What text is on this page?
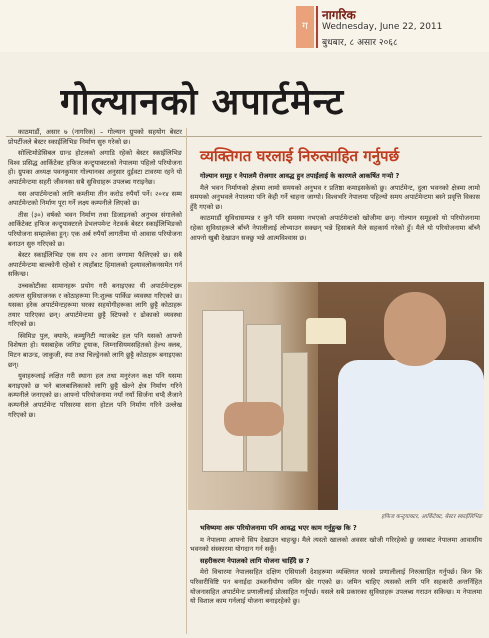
ग
नागरिक
Wednesday, June 22, 2011
बुधबार, ८ असार २०६८
गोल्यानको अपार्टमेन्ट

काठमाडौं, असार ७ (नागरिक) – गोल्यान ग्रुपको सहयोग बेस्टर प्रोपर्टीजले बेस्टर स्काईलिभिङ निर्माण सुरु गरेको छ।

सोल्टिमोडेसिबल ग्रान्ड होटलको अगाडि रहेको बेस्टर स्काईलिभिङ विश्व प्रसिद्ध आर्किटेक्ट हफिज कन्ट्र्याक्टरको नेपालमा पहिलो परियोजना हो। ग्रुपका अध्यक्ष पवनकुमार गोल्यानका अनुसार दुईवटा टावरमा रहने यो अपार्टमेन्टमा सहरी जीवनका सबै सुविधाहरू उपलब्ध गराइनेछ।

यस अपार्टमेन्टको लागि कम्तीमा तीन करोड रुपैयाँ पर्ने। २०१४ सम्म अपार्टमेन्टको निर्माण पूरा गर्ने लक्ष्य कम्पनीले लिएको छ।

तीस (३०) वर्षको भवन निर्माण तथा डिजाइनको अनुभव संगालेको आर्किटेक्ट हफिज कन्ट्र्याक्टरले डेभलपमेन्ट नेटवर्क बेस्टर स्काईलिभिङको परियोजना सम्हालेका हुन्। एक अर्ब रुपैयाँ लागतीमा यो आवास परियोजना बनाउन सुरु गरिएको छ।

बेस्टर स्काईलिभिङ एक सय २२ आना जग्गामा फैलिएको छ। सबै अपार्टमेन्टमा बाल्कोनी रहेको र त्यहाँबाट हिमालको दृश्यावलोकनसमेत गर्न सकिन्छ।

उच्चकोटीका सामानहरू प्रयोग गरी बनाइएका यी अपार्टमेन्टहरू अत्यन्त सुविधाजनक र कोठाहरूमा नि:शुल्क पार्किङ व्यवस्था गरिएको छ। यसका हरेक अपार्टमेन्टहरूमा घरका सहयोगीहरूका लागि छुट्टै कोठाहरू तयार पारिएका छन्। अपार्टमेन्टमा छुट्टै स्टिफ्को र ढोकाको व्यवस्था गरिएको छ।

स्विमिङ पुल, क्याफे, कम्युनिटी ग्याजबेट हल पनि यसको आफ्नो विशेषता हो। यसबाहेक जगिङ ट्र्याक, जिम्नासियमसहितको हेल्थ क्लब, मिटन बाउन्ड, जाकुजी, स्पा तथा चिल्ड्रेनको लागि छुट्टै कोठाहरू बनाइएका छन्।

युवाहरूलाई लक्षित गरी स्थाना हल तथा मनुरंजन कक्ष पनि यसमा बनाइएको छ भने बालबालिकाको लागि छुट्टै खेल्ने क्षेत्र निर्माण गरिने कम्पनीले जनाएको छ। आफ्नो परियोजनामा नयाँ नयाँ सिर्जना थप्दै लैजाने कम्पनीले अपार्टमेन्ट परिसरमा साना होटल पनि निर्माण गरिने उल्लेख गरिएको छ।

व्यक्तिगत घरलाई निरुत्साहित गर्नुपर्छ

गोल्यान समूह र नेपालमै रोजगार आवद्ध हुन तपाईंलाई के कारणले आकर्षित गऱ्यो ?

मैले भवन निर्माणको क्षेत्रमा लामो समयको अनुभव र प्रतिष्ठा कमाइसकेको छु। अपार्टमेन्ट, दुला भवनको क्षेत्रमा लामो समयको अनुभवले नेपालमा पनि केही गर्ने चाहना जाग्यो। विश्वभरि नेपालमा पहिल्यो समय अपार्टमेन्टमा बस्ने प्रवृत्ति विकास हुँदै गएको छ।

काठमाडौं सुविधासम्पन्न र कुनै पनि समस्या नभएको अपार्टमेन्टको खोजीमा छन्। गोल्यान समूहको यो परियोजनामा रहेका सुविधाहरूले बाँच्नै नेपालीलाई लोभ्याउन सक्छन् भन्ने हिसाबले मैले सहकार्य गरेको हुँ। मैले यो परियोजनामा बाँच्नै आफ्नो खुबी देखाउन सक्छु भन्ने आत्मविश्वास छ।

हफिज कन्ट्र्याक्टर, आर्किटेक्ट, बेस्टर स्काईलिभिङ

भविष्यमा अरू परियोजनामा पनि आवद्ध भएर काम गर्नुहुन्छ कि ?

म नेपालमा आफ्नो सिप देखाउन चाहन्छु। मैले त्यस्तो खालको अवसर खोजी गरिरहेको छु जसबाट नेपालमा आवासीय भवनको संस्कारमा योगदान गर्न सकूँ।

सहरीकरण नेपालको लागि योजना चाहिँदै छ ?

मेरो विचारमा नेपालसहित दक्षिण एसियाली देशहरूमा व्यक्तिगत घरको प्रणालीलाई निरुत्साहित गर्नुपर्छ। किन कि परिवारीविष्टि पन बनाईदा उब्जनीयोग्य जमिन खेर गएको छ। जमिन चाहिए त्यसको लागि पनि सहकारी अन्तर्निहित योजनासहित अपार्टमेन्ट प्रणालीलाई प्रोत्साहित गर्नुपर्छ। यसले सबै प्रकारका सुविधाहरू उपलब्ध गराउन सकिन्छ। म नेपालमा यो विशाल काम गर्नलाई योजना बनाइरहेको छु।
